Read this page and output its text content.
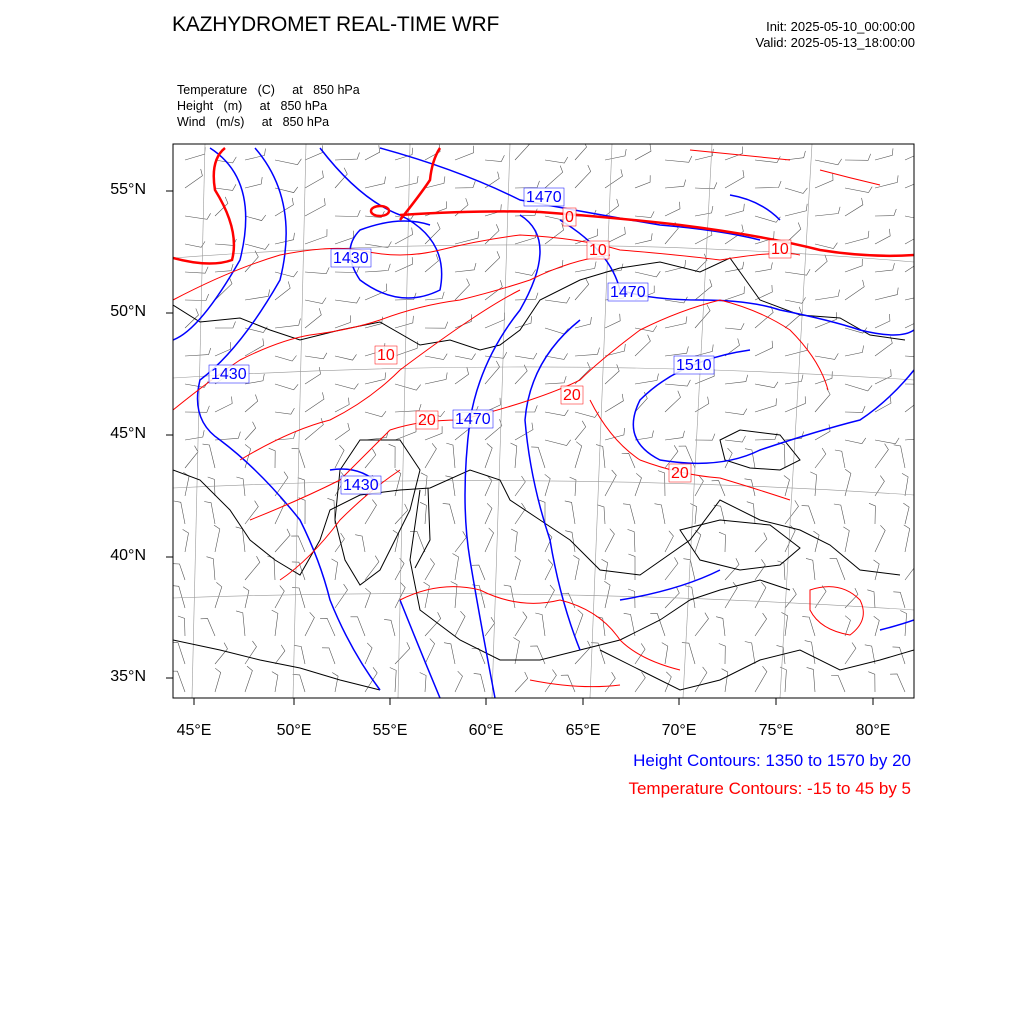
KAZHYDROMET REAL-TIME WRF	Init: 2025-05-10_00:00:00
Valid: 2025-05-13_18:00:00
Temperature   (C)     at   850 hPa
Height   (m)     at   850 hPa
Wind   (m/s)     at   850 hPa
1470
1430
1470
1430
1510
1470
1430
0
10
10
10
20
20
20
55°N
50°N
45°N
40°N
35°N
45°E	50°E	55°E	60°E	65°E	70°E	75°E	80°E
Height Contours: 1350 to 1570 by 20
Temperature Contours: -15 to 45 by 5
